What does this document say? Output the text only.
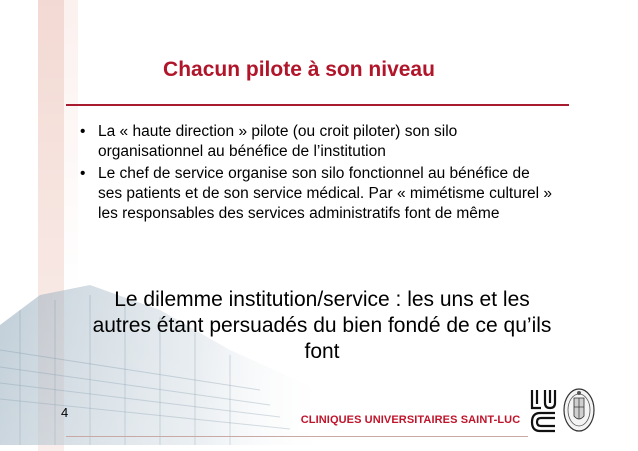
Chacun pilote à son niveau
• La « haute direction » pilote (ou croit piloter) son silo organisationnel au bénéfice de l’institution
• Le chef de service organise son silo fonctionnel au bénéfice de ses patients et de son service médical. Par « mimétisme culturel » les responsables des services administratifs font de même
Le dilemme institution/service : les uns et les autres étant persuadés du bien fondé de ce qu’ils font
4	CLINIQUES UNIVERSITAIRES SAINT-LUC
